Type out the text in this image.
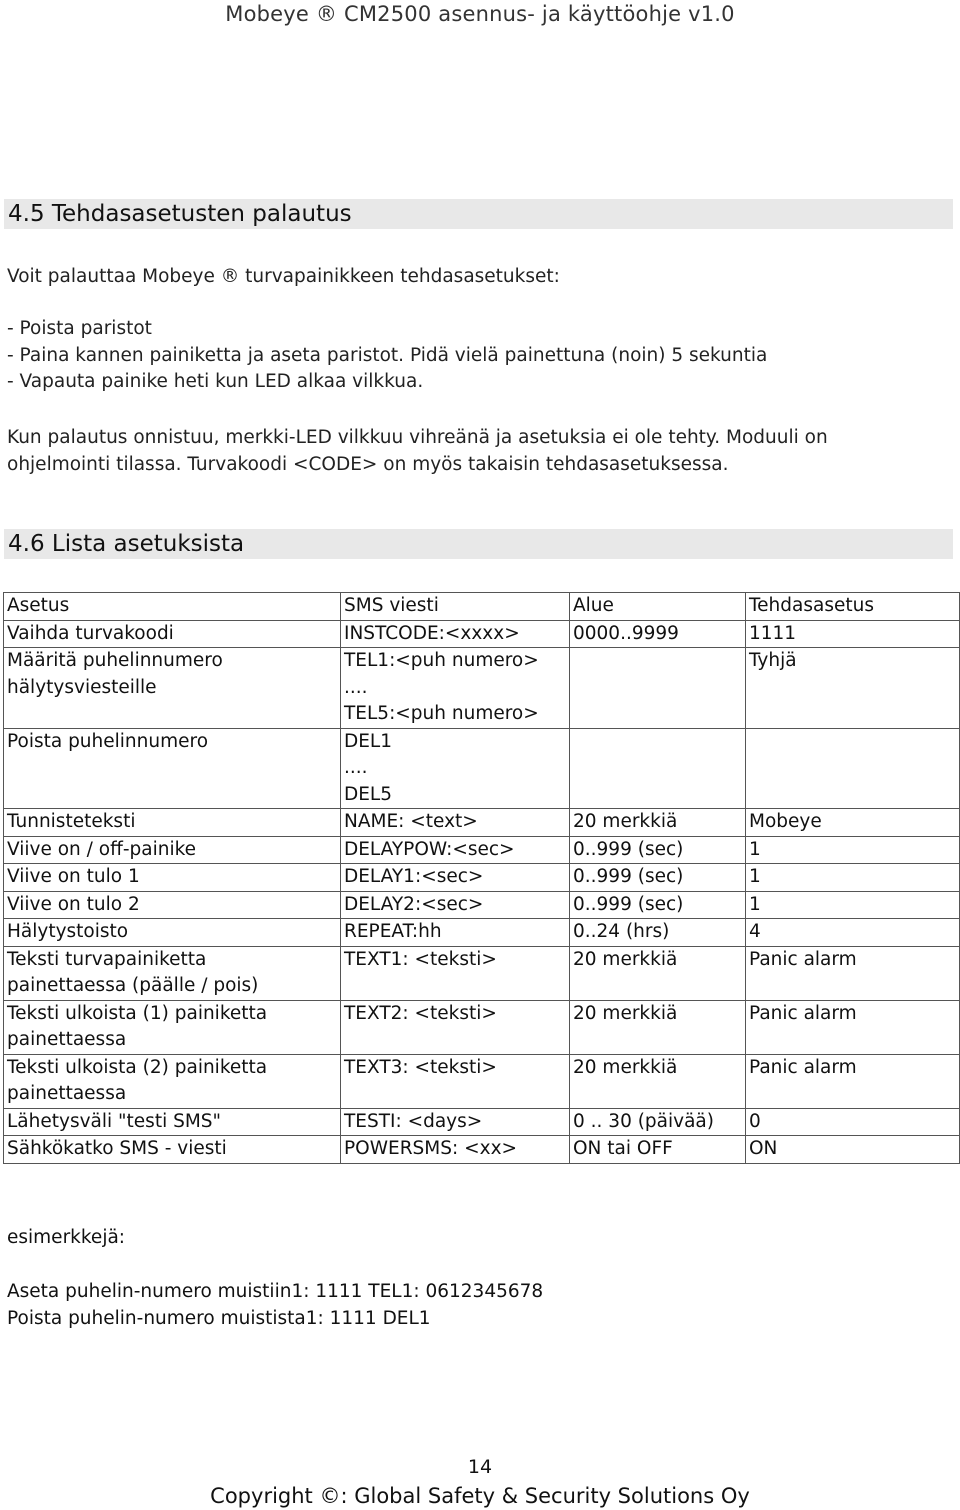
Mobeye ® CM2500 asennus- ja käyttöohje v1.0
4.5 Tehdasasetusten palautus
Voit palauttaa Mobeye ® turvapainikkeen tehdasasetukset:
- Poista paristot
- Paina kannen painiketta ja aseta paristot. Pidä vielä painettuna (noin) 5 sekuntia
- Vapauta painike heti kun LED alkaa vilkkua.
Kun palautus onnistuu, merkki-LED vilkkuu vihreänä ja asetuksia ei ole tehty. Moduuli on
ohjelmointi tilassa. Turvakoodi <CODE> on myös takaisin tehdasasetuksessa.
4.6 Lista asetuksista
Asetus	SMS viesti	Alue	Tehdasasetus

Vaihda turvakoodi	INSTCODE:<xxxx>	0000..9999	1111

Määritä puhelinnumero
hälytysviesteille	TEL1:<puh numero>
....
TEL5:<puh numero>		Tyhjä

Poista puhelinnumero	DEL1
....
DEL5		

Tunnisteteksti	NAME: <text>	20 merkkiä	Mobeye

Viive on / off-painike	DELAYPOW:<sec>	0..999 (sec)	1

Viive on tulo 1	DELAY1:<sec>	0..999 (sec)	1

Viive on tulo 2	DELAY2:<sec>	0..999 (sec)	1

Hälytystoisto	REPEAT:hh	0..24 (hrs)	4

Teksti turvapainiketta
painettaessa (päälle / pois)	TEXT1: <teksti>	20 merkkiä	Panic alarm

Teksti ulkoista (1) painiketta
painettaessa	TEXT2: <teksti>	20 merkkiä	Panic alarm

Teksti ulkoista (2) painiketta
painettaessa	TEXT3: <teksti>	20 merkkiä	Panic alarm

Lähetysväli "testi SMS"	TESTI: <days>	0 .. 30 (päivää)	0

Sähkökatko SMS - viesti	POWERSMS: <xx>	ON tai OFF	ON
esimerkkejä:
Aseta puhelin-numero muistiin1: 1111 TEL1: 0612345678
Poista puhelin-numero muistista1: 1111 DEL1
14
Copyright ©: Global Safety & Security Solutions Oy
